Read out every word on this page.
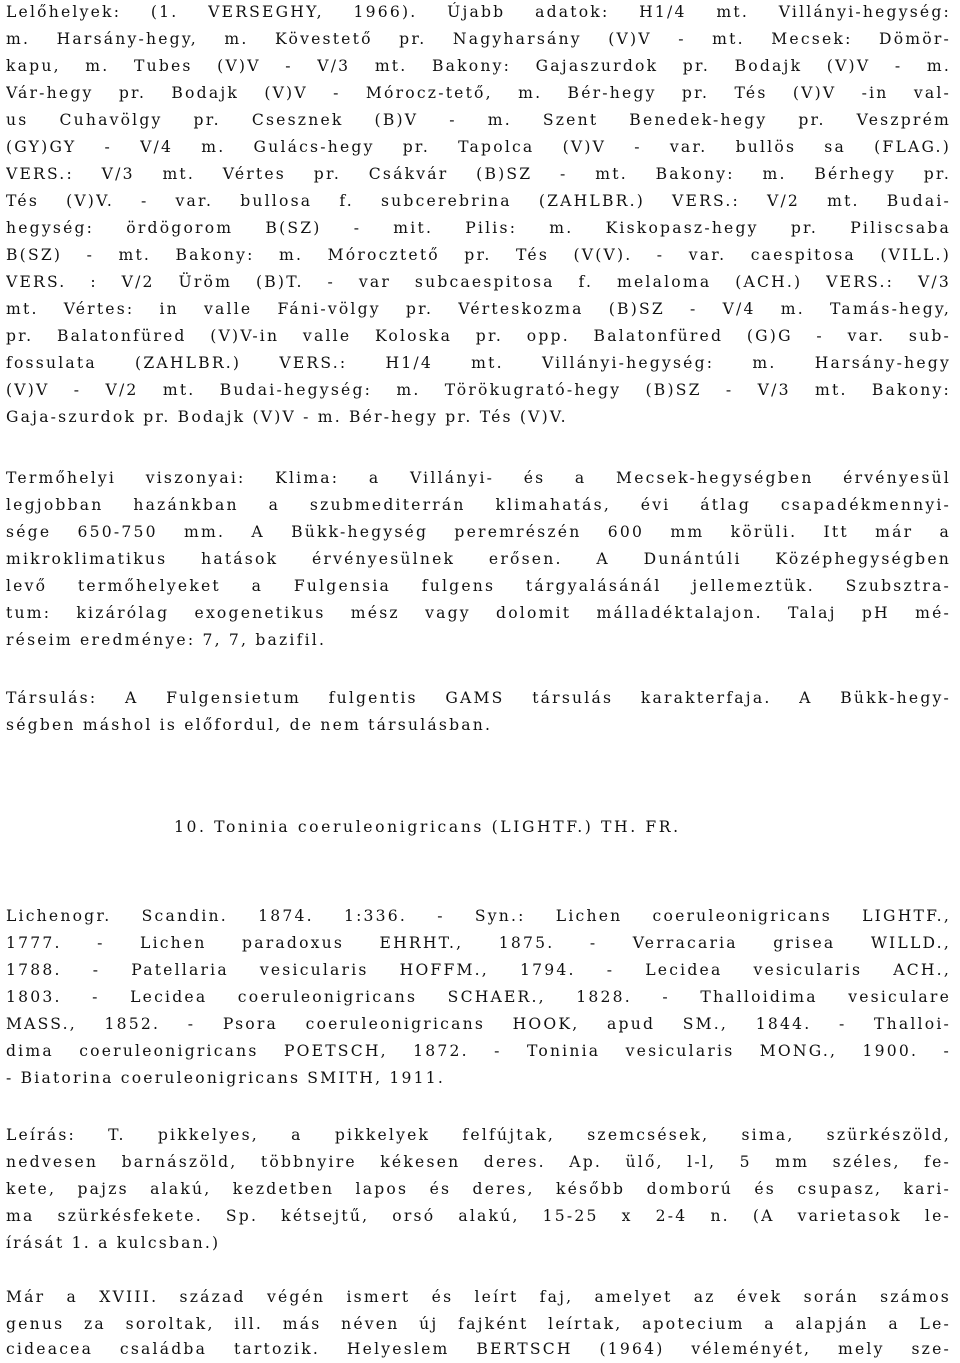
Lelőhelyek: (1. VERSEGHY, 1966). Újabb adatok: H1/4 mt. Villányi-hegység:
m. Harsány-hegy, m. Kövestető pr. Nagyharsány (V)V - mt. Mecsek: Dömör-
kapu, m. Tubes (V)V - V/3 mt. Bakony: Gajaszurdok pr. Bodajk (V)V - m.
Vár-hegy pr. Bodajk (V)V - Mórocz-tető, m. Bér-hegy pr. Tés (V)V -in val-
us Cuhavölgy pr. Csesznek (B)V - m. Szent Benedek-hegy pr. Veszprém
(GY)GY - V/4 m. Gulács-hegy pr. Tapolca (V)V - var. bullös sa (FLAG.)
VERS.: V/3 mt. Vértes pr. Csákvár (B)SZ - mt. Bakony: m. Bérhegy pr.
Tés (V)V. - var. bullosa f. subcerebrina (ZAHLBR.) VERS.: V/2 mt. Budai-
hegység: ördögorom B(SZ) - mit. Pilis: m. Kiskopasz-hegy pr. Piliscsaba
B(SZ) - mt. Bakony: m. Mórocztető pr. Tés (V(V). - var. caespitosa (VILL.)
VERS. : V/2 Üröm (B)T. - var subcaespitosa f. melaloma (ACH.) VERS.: V/3
mt. Vértes: in valle Fáni-völgy pr. Vérteskozma (B)SZ - V/4 m. Tamás-hegy,
pr. Balatonfüred (V)V-in valle Koloska pr. opp. Balatonfüred (G)G - var. sub-
fossulata (ZAHLBR.) VERS.: H1/4 mt. Villányi-hegység: m. Harsány-hegy
(V)V - V/2 mt. Budai-hegység: m. Törökugrató-hegy (B)SZ - V/3 mt. Bakony:
Gaja-szurdok pr. Bodajk (V)V - m. Bér-hegy pr. Tés (V)V.
Termőhelyi viszonyai: Klima: a Villányi- és a Mecsek-hegységben érvényesül
legjobban hazánkban a szubmediterrán klimahatás, évi átlag csapadékmennyi-
sége 650-750 mm. A Bükk-hegység peremrészén 600 mm körüli. Itt már a
mikroklimatikus hatások érvényesülnek erősen. A Dunántúli Középhegységben
levő termőhelyeket a Fulgensia fulgens tárgyalásánál jellemeztük. Szubsztra-
tum: kizárólag exogenetikus mész vagy dolomit málladéktalajon. Talaj pH mé-
réseim eredménye: 7, 7, bazifil.
Társulás: A Fulgensietum fulgentis GAMS társulás karakterfaja. A Bükk-hegy-
ségben máshol is előfordul, de nem társulásban.
10. Toninia coeruleonigricans (LIGHTF.) TH. FR.
Lichenogr. Scandin. 1874. 1:336. - Syn.: Lichen coeruleonigricans LIGHTF.,
1777. - Lichen paradoxus EHRHT., 1875. - Verracaria grisea WILLD.,
1788. - Patellaria vesicularis HOFFM., 1794. - Lecidea vesicularis ACH.,
1803. - Lecidea coeruleonigricans SCHAER., 1828. - Thalloidima vesiculare
MASS., 1852. - Psora coeruleonigricans HOOK, apud SM., 1844. - Thalloi-
dima coeruleonigricans POETSCH, 1872. - Toninia vesicularis MONG., 1900. -
- Biatorina coeruleonigricans SMITH, 1911.
Leírás: T. pikkelyes, a pikkelyek felfújtak, szemcsések, sima, szürkészöld,
nedvesen barnászöld, többnyire kékesen deres. Ap. ülő, l-l, 5 mm széles, fe-
kete, pajzs alakú, kezdetben lapos és deres, később domború és csupasz, kari-
ma szürkésfekete. Sp. kétsejtű, orsó alakú, 15-25 x 2-4 n. (A varietasok le-
írását 1. a kulcsban.)
Már a XVIII. század végén ismert és leírt faj, amelyet az évek során számos
genus za soroltak, ill. más néven új fajként leírtak, apotecium a alapján a Le-
cideacea családba tartozik. Helyeslem BERTSCH (1964) véleményét, mely sze-
